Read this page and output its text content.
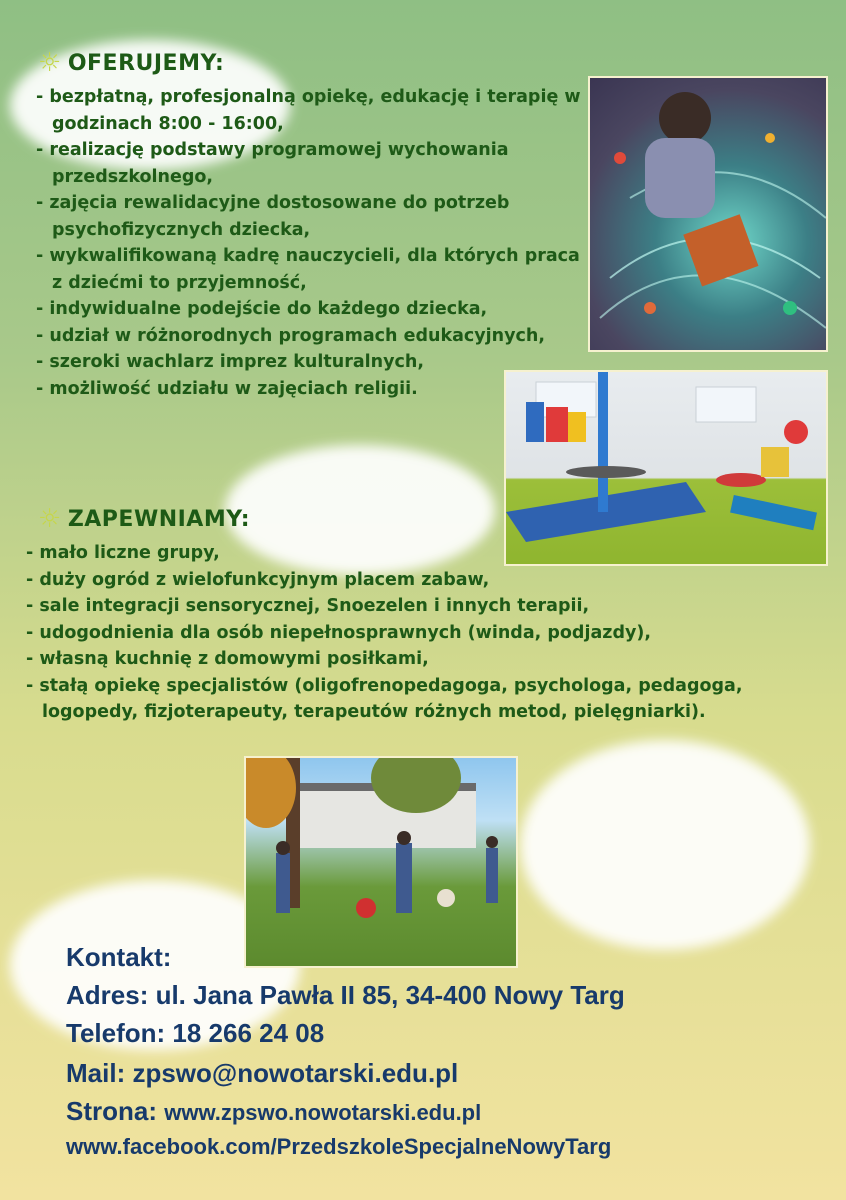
☼ OFERUJEMY:
- bezpłatną, profesjonalną opiekę, edukację i terapię w godzinach 8:00 - 16:00,
- realizację podstawy programowej wychowania przedszkolnego,
- zajęcia rewalidacyjne dostosowane do potrzeb psychofizycznych dziecka,
- wykwalifikowaną kadrę nauczycieli, dla których praca z dziećmi to przyjemność,
- indywidualne podejście do każdego dziecka,
- udział w różnorodnych programach edukacyjnych,
- szeroki wachlarz imprez kulturalnych,
- możliwość udziału w zajęciach religii.
☼ ZAPEWNIAMY:
- mało liczne grupy,
- duży ogród z wielofunkcyjnym placem zabaw,
- sale integracji sensorycznej, Snoezelen i innych terapii,
- udogodnienia dla osób niepełnosprawnych (winda, podjazdy),
- własną kuchnię z domowymi posiłkami,
- stałą opiekę specjalistów (oligofrenopedagoga, psychologa, pedagoga, logopedy, fizjoterapeuty, terapeutów różnych metod, pielęgniarki).
Kontakt:
Adres: ul. Jana Pawła II 85, 34-400 Nowy Targ
Telefon: 18 266 24 08
Mail: zpswo@nowotarski.edu.pl
Strona: www.zpswo.nowotarski.edu.pl
www.facebook.com/PrzedszkoleSpecjalneNowyTarg
